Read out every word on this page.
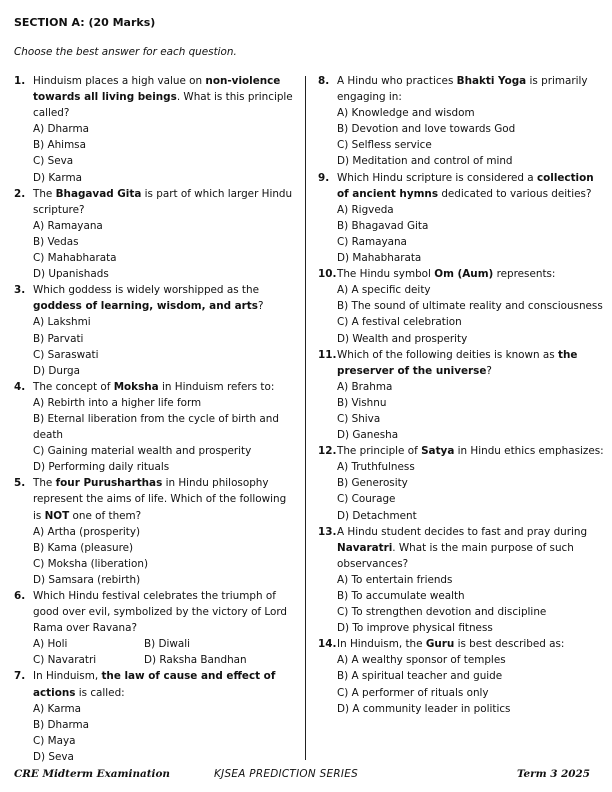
SECTION A: (20 Marks)
Choose the best answer for each question.
1. Hinduism places a high value on non-violence towards all living beings. What is this principle called?
A) Dharma
B) Ahimsa
C) Seva
D) Karma
2. The Bhagavad Gita is part of which larger Hindu scripture?
A) Ramayana
B) Vedas
C) Mahabharata
D) Upanishads
3. Which goddess is widely worshipped as the goddess of learning, wisdom, and arts?
A) Lakshmi
B) Parvati
C) Saraswati
D) Durga
4. The concept of Moksha in Hinduism refers to:
A) Rebirth into a higher life form
B) Eternal liberation from the cycle of birth and death
C) Gaining material wealth and prosperity
D) Performing daily rituals
5. The four Purusharthas in Hindu philosophy represent the aims of life. Which of the following is NOT one of them?
A) Artha (prosperity)
B) Kama (pleasure)
C) Moksha (liberation)
D) Samsara (rebirth)
6. Which Hindu festival celebrates the triumph of good over evil, symbolized by the victory of Lord Rama over Ravana?
A) Holi	B) Diwali
C) Navaratri	D) Raksha Bandhan
7. In Hinduism, the law of cause and effect of actions is called:
A) Karma
B) Dharma
C) Maya
D) Seva
8. A Hindu who practices Bhakti Yoga is primarily engaging in:
A) Knowledge and wisdom
B) Devotion and love towards God
C) Selfless service
D) Meditation and control of mind
9. Which Hindu scripture is considered a collection of ancient hymns dedicated to various deities?
A) Rigveda
B) Bhagavad Gita
C) Ramayana
D) Mahabharata
10. The Hindu symbol Om (Aum) represents:
A) A specific deity
B) The sound of ultimate reality and consciousness
C) A festival celebration
D) Wealth and prosperity
11. Which of the following deities is known as the preserver of the universe?
A) Brahma
B) Vishnu
C) Shiva
D) Ganesha
12. The principle of Satya in Hindu ethics emphasizes:
A) Truthfulness
B) Generosity
C) Courage
D) Detachment
13. A Hindu student decides to fast and pray during Navaratri. What is the main purpose of such observances?
A) To entertain friends
B) To accumulate wealth
C) To strengthen devotion and discipline
D) To improve physical fitness
14. In Hinduism, the Guru is best described as:
A) A wealthy sponsor of temples
B) A spiritual teacher and guide
C) A performer of rituals only
D) A community leader in politics
CRE Midterm Examination	KJSEA PREDICTION SERIES	Term 3 2025
